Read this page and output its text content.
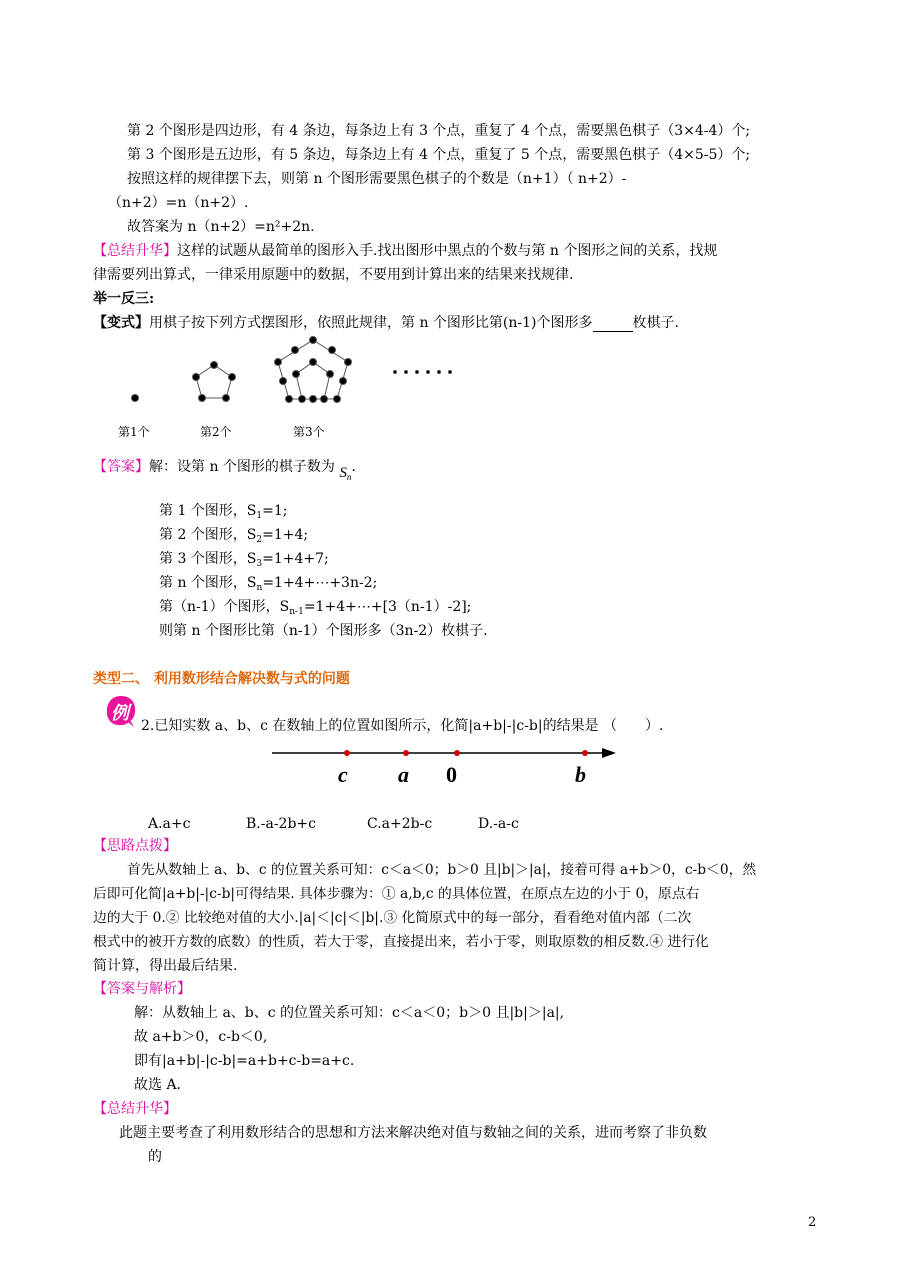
第 2 个图形是四边形，有 4 条边，每条边上有 3 个点，重复了 4 个点，需要黑色棋子（3×4-4）个;
第 3 个图形是五边形，有 5 条边，每条边上有 4 个点，重复了 5 个点，需要黑色棋子（4×5-5）个;
按照这样的规律摆下去，则第 n 个图形需要黑色棋子的个数是（n+1）（ n+2）-
（n+2）=n（n+2）.
故答案为 n（n+2）=n²+2n.
【总结升华】这样的试题从最简单的图形入手.找出图形中黑点的个数与第 n 个图形之间的关系，找规
律需要列出算式，一律采用原题中的数据，不要用到计算出来的结果来找规律.
举一反三:
【变式】用棋子按下列方式摆图形，依照此规律，第 n 个图形比第(n-1)个图形多	枚棋子.
第1个	第2个	第3个
【答案】解：设第 n 个图形的棋子数为 $S_n$.
第 1 个图形，$S_1=1$;
第 2 个图形，$S_2=1+4$;
第 3 个图形，$S_3=1+4+7$;
第 n 个图形，$S_n=1+4+\cdots+3n-2$;
第（n-1）个图形，$S_{n-1}=1+4+\cdots+[3(n-1)-2]$;
则第 n 个图形比第（n-1）个图形多（3n-2）枚棋子.
类型二、 利用数形结合解决数与式的问题
例
2.已知实数 a、b、c 在数轴上的位置如图所示，化简|a+b|-|c-b|的结果是 （　　）.
c a 0	b
A.a+c	B.-a-2b+c	C.a+2b-c	D.-a-c
【思路点拨】
首先从数轴上 a、b、c 的位置关系可知：c＜a＜0；b＞0 且|b|＞|a|，接着可得 a+b＞0，c-b＜0，然
后即可化简|a+b|-|c-b|可得结果. 具体步骤为：① a,b,c 的具体位置，在原点左边的小于 0，原点右
边的大于 0.② 比较绝对值的大小.|a|＜|c|＜|b|.③ 化简原式中的每一部分，看看绝对值内部（二次
根式中的被开方数的底数）的性质，若大于零，直接提出来，若小于零，则取原数的相反数.④ 进行化
简计算，得出最后结果.
【答案与解析】
解：从数轴上 a、b、c 的位置关系可知：c＜a＜0；b＞0 且|b|＞|a|,
故 a+b＞0，c-b＜0,
即有|a+b|-|c-b|=a+b+c-b=a+c.
故选 A.
【总结升华】
此题主要考查了利用数形结合的思想和方法来解决绝对值与数轴之间的关系，进而考察了非负数
的
2
